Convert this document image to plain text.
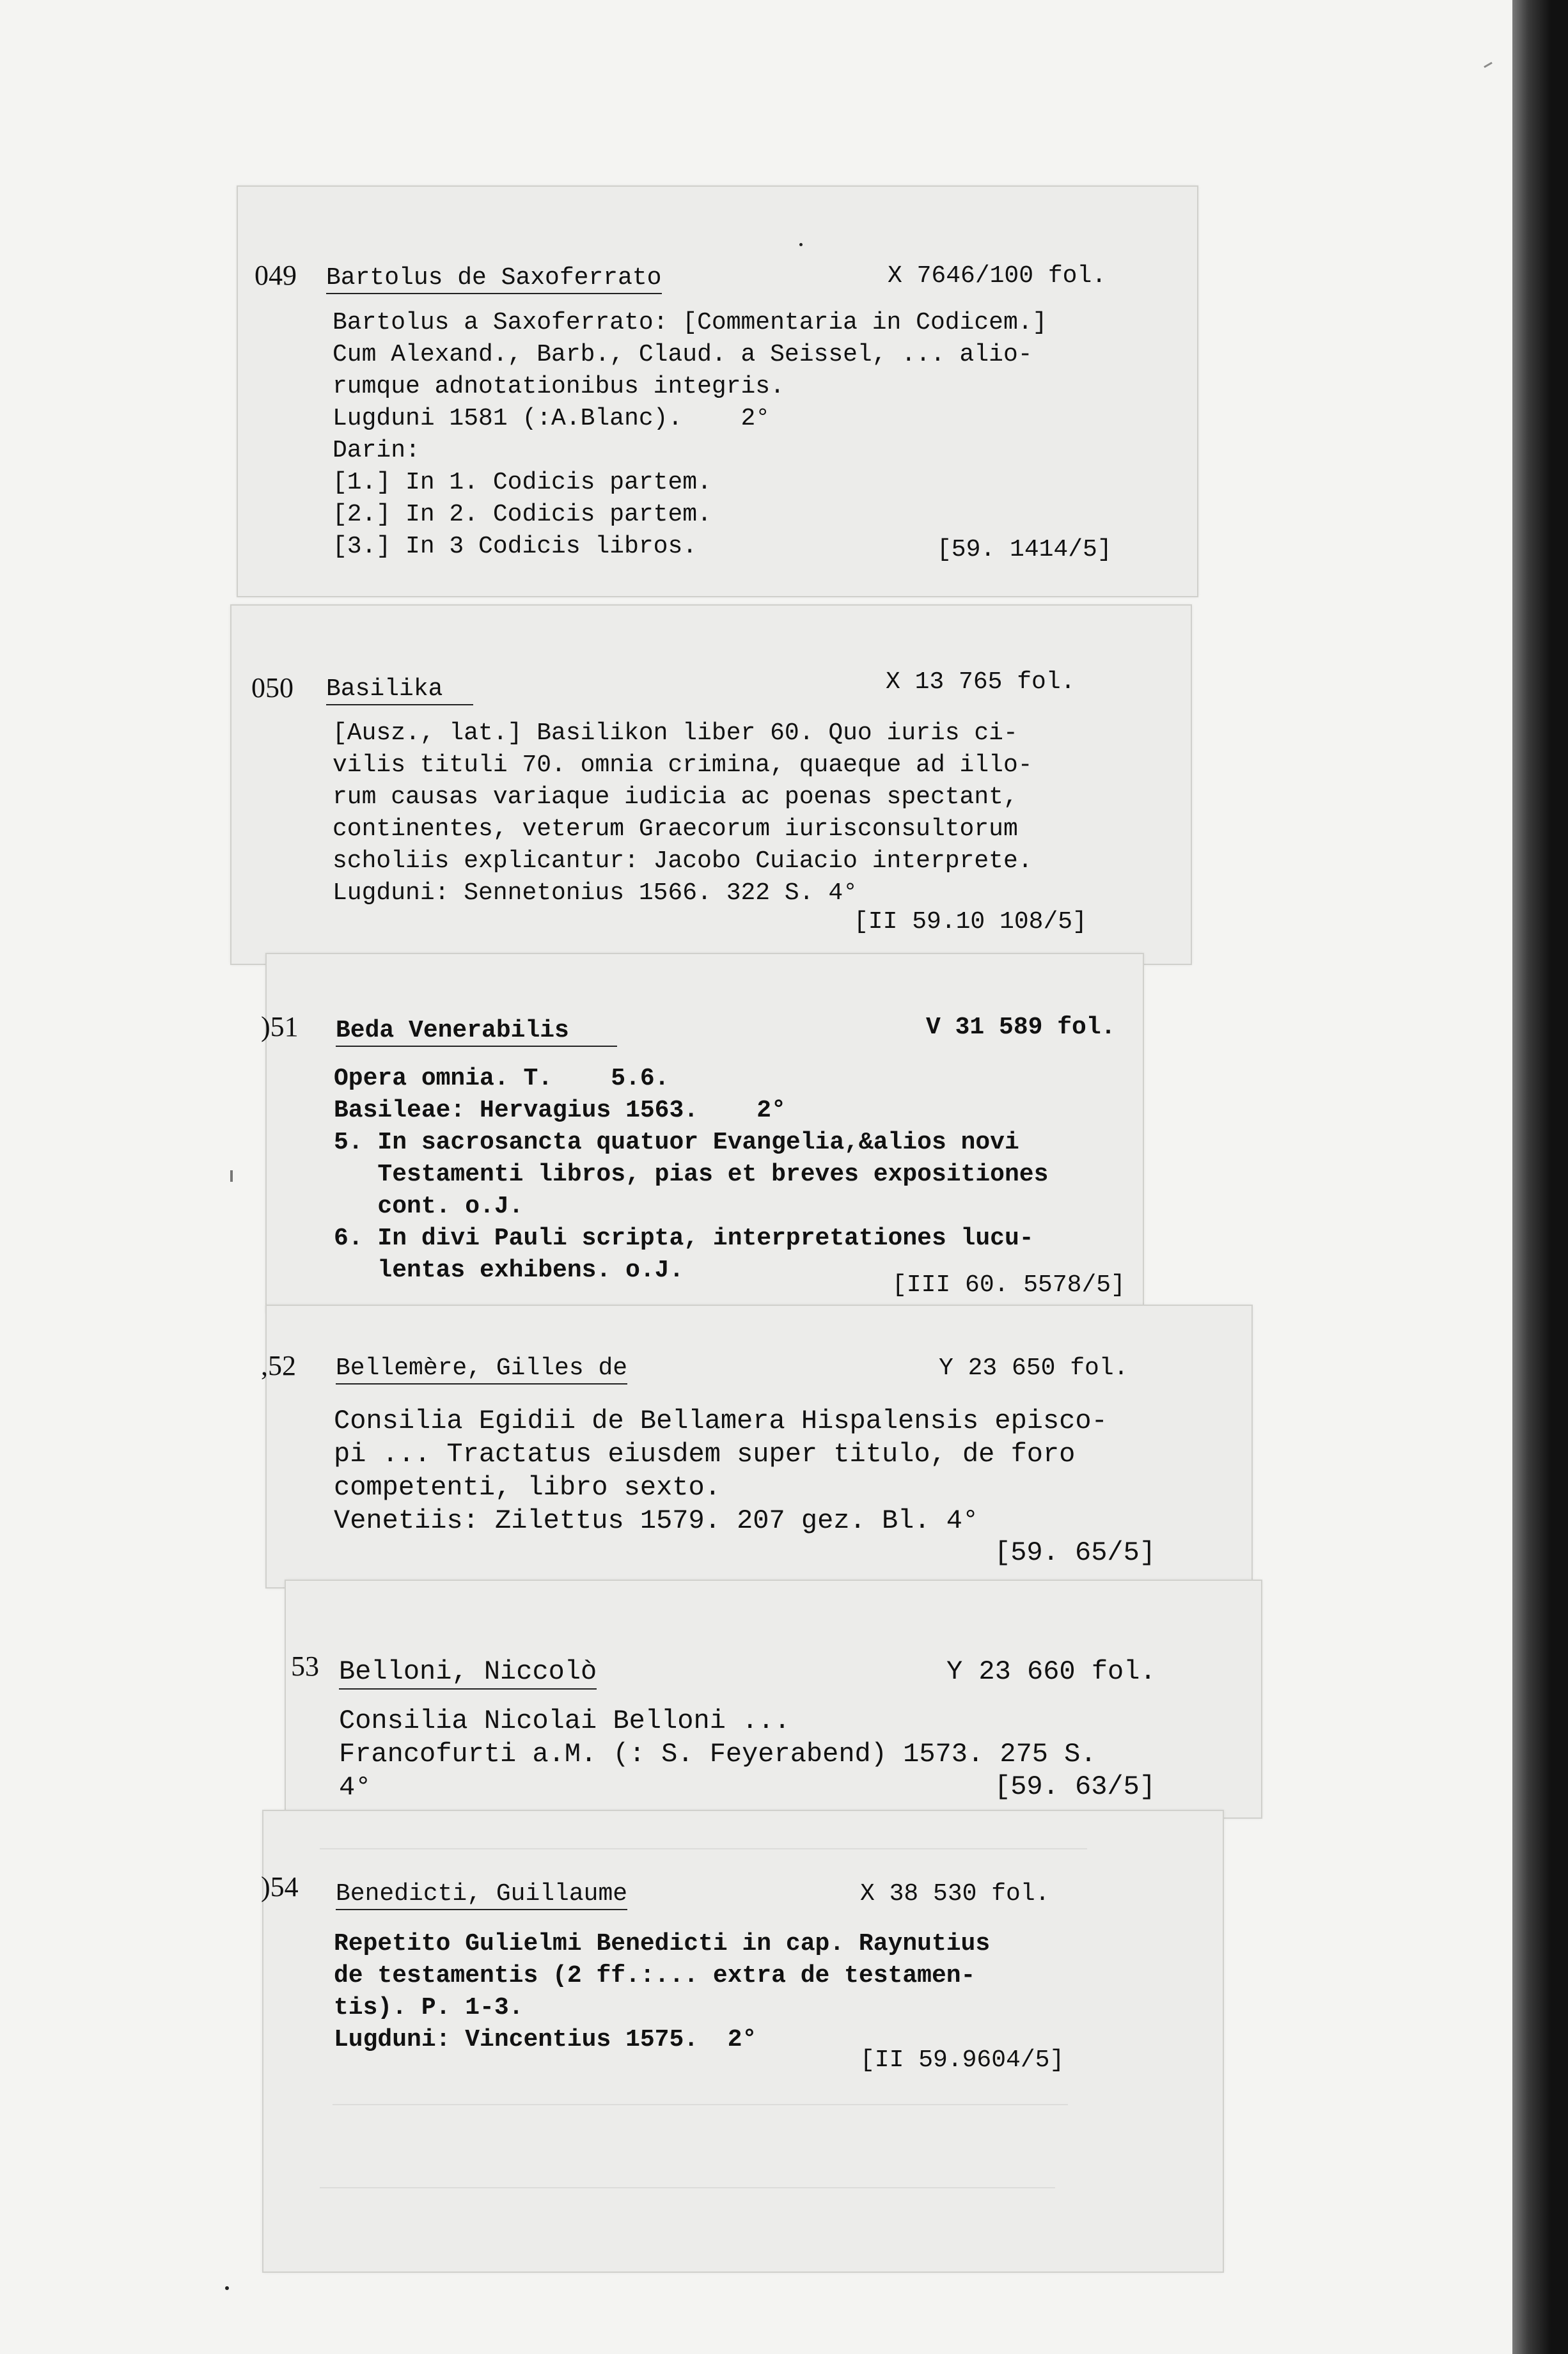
049 Bartolus de Saxoferrato	X 7646/100 fol.
Bartolus a Saxoferrato: [Commentaria in Codicem.]
Cum Alexand., Barb., Claud. a Seissel, ... alio-
rumque adnotationibus integris.
Lugduni 1581 (:A.Blanc).    2°
Darin:
[1.] In 1. Codicis partem.
[2.] In 2. Codicis partem.
[3.] In 3 Codicis libros.	[59. 1414/5]
050 Basilika	X 13 765 fol.
[Ausz., lat.] Basilikon liber 60. Quo iuris ci-
vilis tituli 70. omnia crimina, quaeque ad illo-
rum causas variaque iudicia ac poenas spectant,
continentes, veterum Graecorum iurisconsultorum
scholiis explicantur: Jacobo Cuiacio interprete.
Lugduni: Sennetonius 1566. 322 S. 4°
[II 59.10 108/5]
)51 Beda Venerabilis	V 31 589 fol.
Opera omnia. T.    5.6.
Basileae: Hervagius 1563.    2°
5. In sacrosancta quatuor Evangelia,&alios novi
Testamenti libros, pias et breves expositiones
cont. o.J.
6. In divi Pauli scripta, interpretationes lucu-
lentas exhibens. o.J.
[III 60. 5578/5]
,52 Bellemère, Gilles de	Y 23 650 fol.
Consilia Egidii de Bellamera Hispalensis episco-
pi ... Tractatus eiusdem super titulo, de foro
competenti, libro sexto.
Venetiis: Zilettus 1579. 207 gez. Bl. 4°
[59. 65/5]
53 Belloni, Niccolò	Y 23 660 fol.
Consilia Nicolai Belloni ...
Francofurti a.M. (: S. Feyerabend) 1573. 275 S.
4°	[59. 63/5]
)54 Benedicti, Guillaume	X 38 530 fol.
Repetito Gulielmi Benedicti in cap. Raynutius
de testamentis (2 ff.:... extra de testamen-
tis). P. 1-3.
Lugduni: Vincentius 1575.  2°
[II 59.9604/5]
